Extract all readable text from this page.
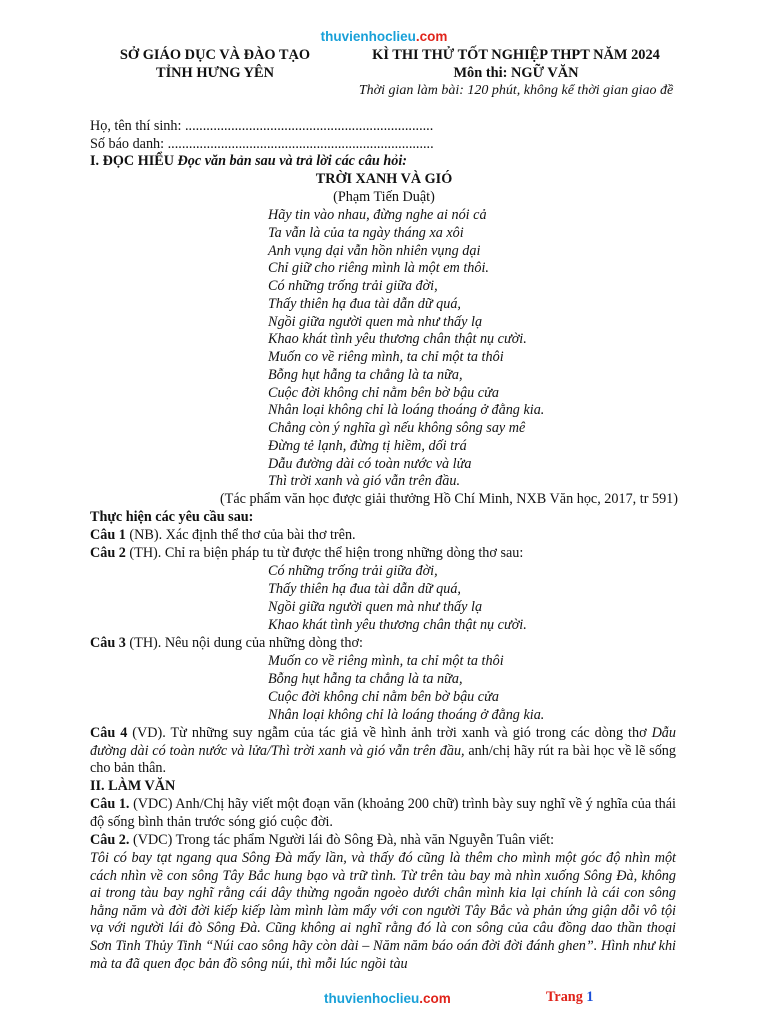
thuvienhoclieu.com
SỞ GIÁO DỤC VÀ ĐÀO TẠO
TỈNH HƯNG YÊN
KÌ THI THỬ TỐT NGHIỆP THPT NĂM 2024
Môn thi: NGỮ VĂN
Thời gian làm bài: 120 phút, không kể thời gian giao đề
Họ, tên thí sinh: ......................................................................
Số báo danh: ...........................................................................
I. ĐỌC HIỂU Đọc văn bản sau và trả lời các câu hỏi:
TRỜI XANH VÀ GIÓ
(Phạm Tiến Duật)
Hãy tin vào nhau, đừng nghe ai nói cả
Ta vẫn là của ta ngày tháng xa xôi
Anh vụng dại vẫn hồn nhiên vụng dại
Chỉ giữ cho riêng mình là một em thôi.
Có những trống trải giữa đời,
Thấy thiên hạ đua tài dẫn dữ quá,
Ngồi giữa người quen mà như thấy lạ
Khao khát tình yêu thương chân thật nụ cười.
Muốn co về riêng mình, ta chỉ một ta thôi
Bỗng hụt hẫng ta chẳng là ta nữa,
Cuộc đời không chỉ nằm bên bờ bậu cửa
Nhân loại không chỉ là loáng thoáng ở đằng kia.
Chẳng còn ý nghĩa gì nếu không sông say mê
Đừng tẻ lạnh, đừng tị hiềm, dối trá
Dẫu đường dài có toàn nước và lửa
Thì trời xanh và gió vẫn trên đầu.
(Tác phẩm văn học được giải thưởng Hồ Chí Minh, NXB Văn học, 2017, tr 591)
Thực hiện các yêu cầu sau:
Câu 1 (NB). Xác định thể thơ của bài thơ trên.
Câu 2 (TH). Chỉ ra biện pháp tu từ được thể hiện trong những dòng thơ sau:
Có những trống trải giữa đời,
Thấy thiên hạ đua tài dẫn dữ quá,
Ngồi giữa người quen mà như thấy lạ
Khao khát tình yêu thương chân thật nụ cười.
Câu 3 (TH). Nêu nội dung của những dòng thơ:
Muốn co về riêng mình, ta chỉ một ta thôi
Bỗng hụt hẫng ta chẳng là ta nữa,
Cuộc đời không chỉ nằm bên bờ bậu cửa
Nhân loại không chỉ là loáng thoáng ở đằng kia.
Câu 4 (VD). Từ những suy ngẫm của tác giả về hình ảnh trời xanh và gió trong các dòng thơ Dẫu đường dài có toàn nước và lửa/Thì trời xanh và gió vẫn trên đầu, anh/chị hãy rút ra bài học về lẽ sống cho bản thân.
II. LÀM VĂN
Câu 1. (VDC) Anh/Chị hãy viết một đoạn văn (khoảng 200 chữ) trình bày suy nghĩ về ý nghĩa của thái độ sống bình thản trước sóng gió cuộc đời.
Câu 2. (VDC) Trong tác phẩm Người lái đò Sông Đà, nhà văn Nguyễn Tuân viết:
Tôi có bay tạt ngang qua Sông Đà mấy lần, và thấy đó cũng là thêm cho mình một góc độ nhìn một cách nhìn về con sông Tây Bắc hung bạo và trữ tình. Từ trên tàu bay mà nhìn xuống Sông Đà, không ai trong tàu bay nghĩ rằng cái dây thừng ngoằn ngoèo dưới chân mình kia lại chính là cái con sông hằng năm và đời đời kiếp kiếp làm mình làm mẩy với con người Tây Bắc và phản ứng giận dỗi vô tội vạ với người lái đò Sông Đà. Cũng không ai nghĩ rằng đó là con sông của câu đồng dao thần thoại Sơn Tinh Thủy Tinh “Núi cao sông hãy còn dài – Năm năm báo oán đời đời đánh ghen”. Hình như khi mà ta đã quen đọc bản đồ sông núi, thì mỗi lúc ngồi tàu
thuvienhoclieu.com	Trang 1
